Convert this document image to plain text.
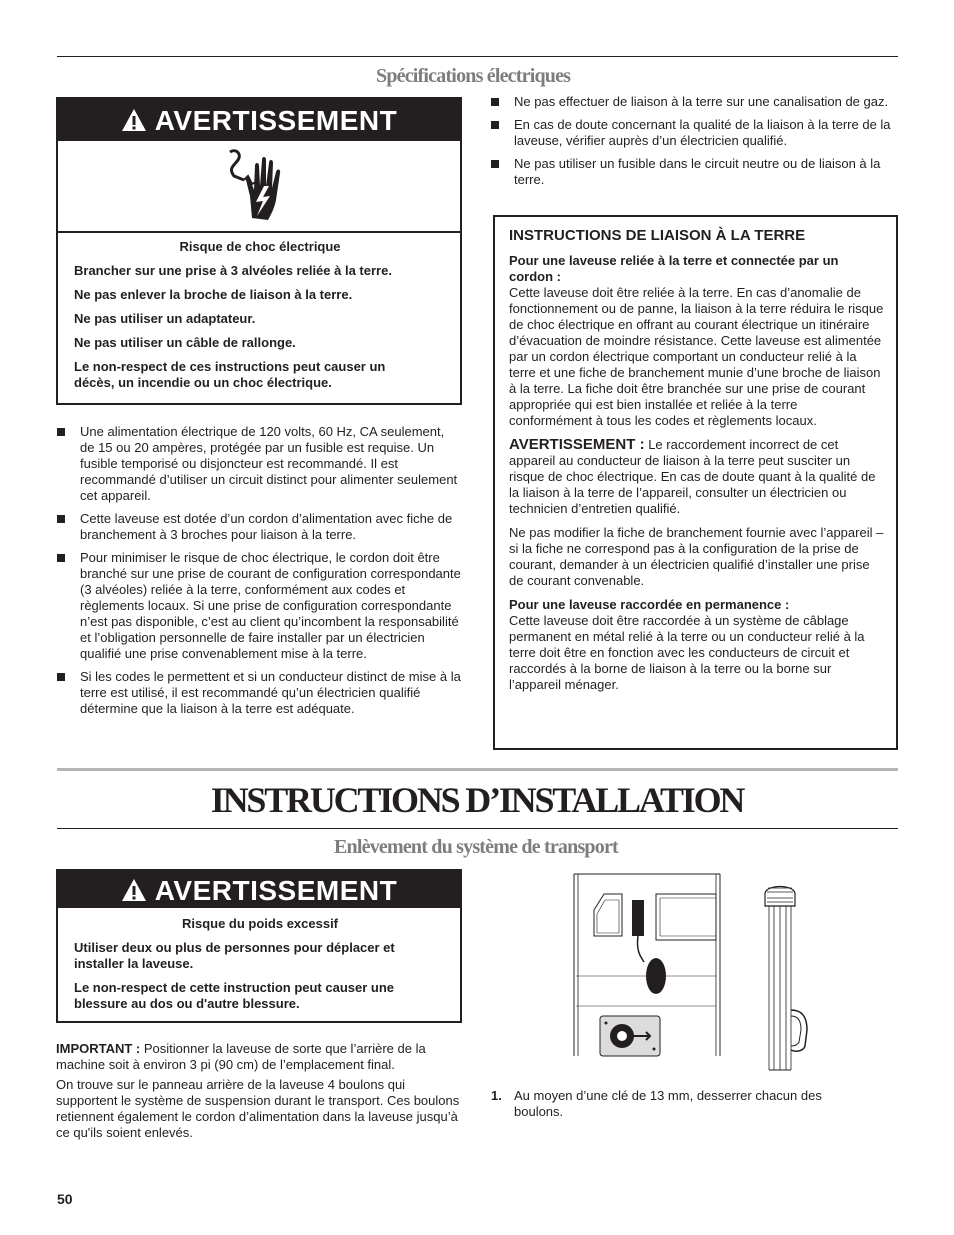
Spécifications électriques
AVERTISSEMENT

Risque de choc électrique

Brancher sur une prise à 3 alvéoles reliée à la terre.

Ne pas enlever la broche de liaison à la terre.

Ne pas utiliser un adaptateur.

Ne pas utiliser un câble de rallonge.

Le non-respect de ces instructions peut causer un décès, un incendie ou un choc électrique.

Une alimentation électrique de 120 volts, 60 Hz, CA seulement, de 15 ou 20 ampères, protégée par un fusible est requise. Un fusible temporisé ou disjoncteur est recommandé. Il est recommandé d’utiliser un circuit distinct pour alimenter seulement cet appareil.
Cette laveuse est dotée d’un cordon d’alimentation avec fiche de branchement à 3 broches pour liaison à la terre.
Pour minimiser le risque de choc électrique, le cordon doit être branché sur une prise de courant de configuration correspondante (3 alvéoles) reliée à la terre, conformément aux codes et règlements locaux. Si une prise de configuration correspondante n’est pas disponible, c’est au client qu’incombent la responsabilité et l’obligation personnelle de faire installer par un électricien qualifié une prise convenablement mise à la terre.
Si les codes le permettent et si un conducteur distinct de mise à la terre est utilisé, il est recommandé qu’un électricien qualifié détermine que la liaison à la terre est adéquate.
Ne pas effectuer de liaison à la terre sur une canalisation de gaz.
En cas de doute concernant la qualité de la liaison à la terre de la laveuse, vérifier auprès d’un électricien qualifié.
Ne pas utiliser un fusible dans le circuit neutre ou de liaison à la terre.
INSTRUCTIONS DE LIAISON À LA TERRE
Pour une laveuse reliée à la terre et connectée par un cordon :

Cette laveuse doit être reliée à la terre. En cas d’anomalie de fonctionnement ou de panne, la liaison à la terre réduira le risque de choc électrique en offrant au courant électrique un itinéraire d’évacuation de moindre résistance. Cette laveuse est alimentée par un cordon électrique comportant un conducteur relié à la terre et une fiche de branchement munie d’une broche de liaison à la terre. La fiche doit être branchée sur une prise de courant appropriée qui est bien installée et reliée à la terre conformément à tous les codes et règlements locaux.

AVERTISSEMENT : Le raccordement incorrect de cet appareil au conducteur de liaison à la terre peut susciter un risque de choc électrique. En cas de doute quant à la qualité de la liaison à la terre de l’appareil, consulter un électricien ou technicien d’entretien qualifié.

Ne pas modifier la fiche de branchement fournie avec l’appareil – si la fiche ne correspond pas à la configuration de la prise de courant, demander à un électricien qualifié d’installer une prise de courant convenable.

Pour une laveuse raccordée en permanence :

Cette laveuse doit être raccordée à un système de câblage permanent en métal relié à la terre ou un conducteur relié à la terre doit être en fonction avec les conducteurs de circuit et raccordés à la borne de liaison à la terre ou la borne sur l’appareil ménager.

INSTRUCTIONS D’INSTALLATION
Enlèvement du système de transport
AVERTISSEMENT

Risque du poids excessif

Utiliser deux ou plus de personnes pour déplacer et installer la laveuse.

Le non-respect de cette instruction peut causer une blessure au dos ou d'autre blessure.

IMPORTANT : Positionner la laveuse de sorte que l’arrière de la machine soit à environ 3 pi (90 cm) de l’emplacement final.
On trouve sur le panneau arrière de la laveuse 4 boulons qui supportent le système de suspension durant le transport. Ces boulons retiennent également le cordon d’alimentation dans la laveuse jusqu’à ce qu'ils soient enlevés.
1. Au moyen d’une clé de 13 mm, desserrer chacun des boulons.
50
